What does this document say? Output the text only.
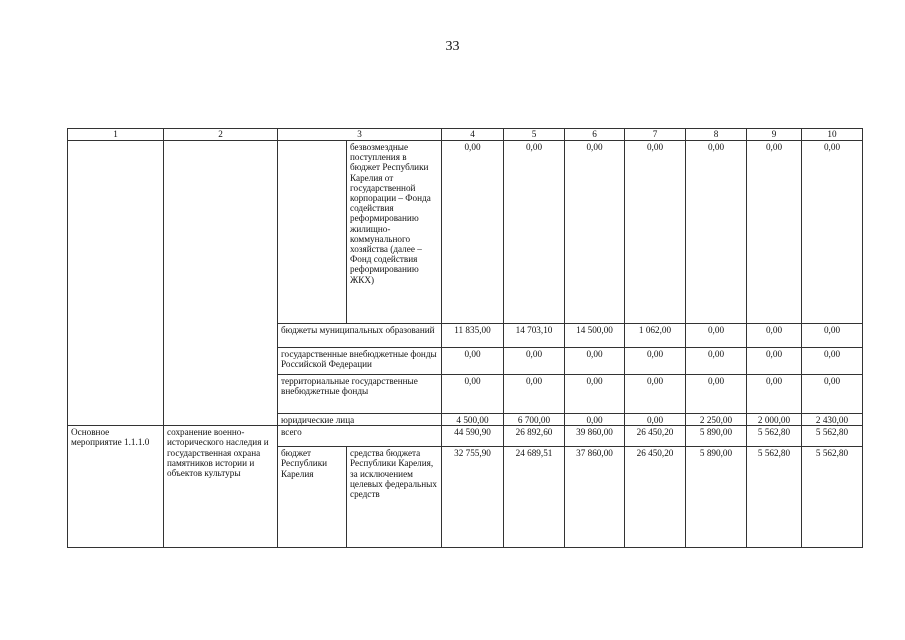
33
1	2	3		4	5	6	7	8	9	10
			безвозмездные поступления в бюджет Республики Карелия от государственной корпорации – Фонда содействия реформированию жилищно-коммунального хозяйства (далее – Фонд содействия реформированию ЖКХ)	0,00	0,00	0,00	0,00	0,00	0,00	0,00
		бюджеты муниципальных образований		11 835,00	14 703,10	14 500,00	1 062,00	0,00	0,00	0,00
		государственные внебюджетные фонды Российской Федерации		0,00	0,00	0,00	0,00	0,00	0,00	0,00
		территориальные государственные внебюджетные фонды		0,00	0,00	0,00	0,00	0,00	0,00	0,00
		юридические лица		4 500,00	6 700,00	0,00	0,00	2 250,00	2 000,00	2 430,00
Основное мероприятие 1.1.1.0	сохранение военно-исторического наследия и государственная охрана памятников истории и объектов культуры	всего		44 590,90	26 892,60	39 860,00	26 450,20	5 890,00	5 562,80	5 562,80
		бюджет Республики Карелия	средства бюджета Республики Карелия, за исключением целевых федеральных средств	32 755,90	24 689,51	37 860,00	26 450,20	5 890,00	5 562,80	5 562,80
